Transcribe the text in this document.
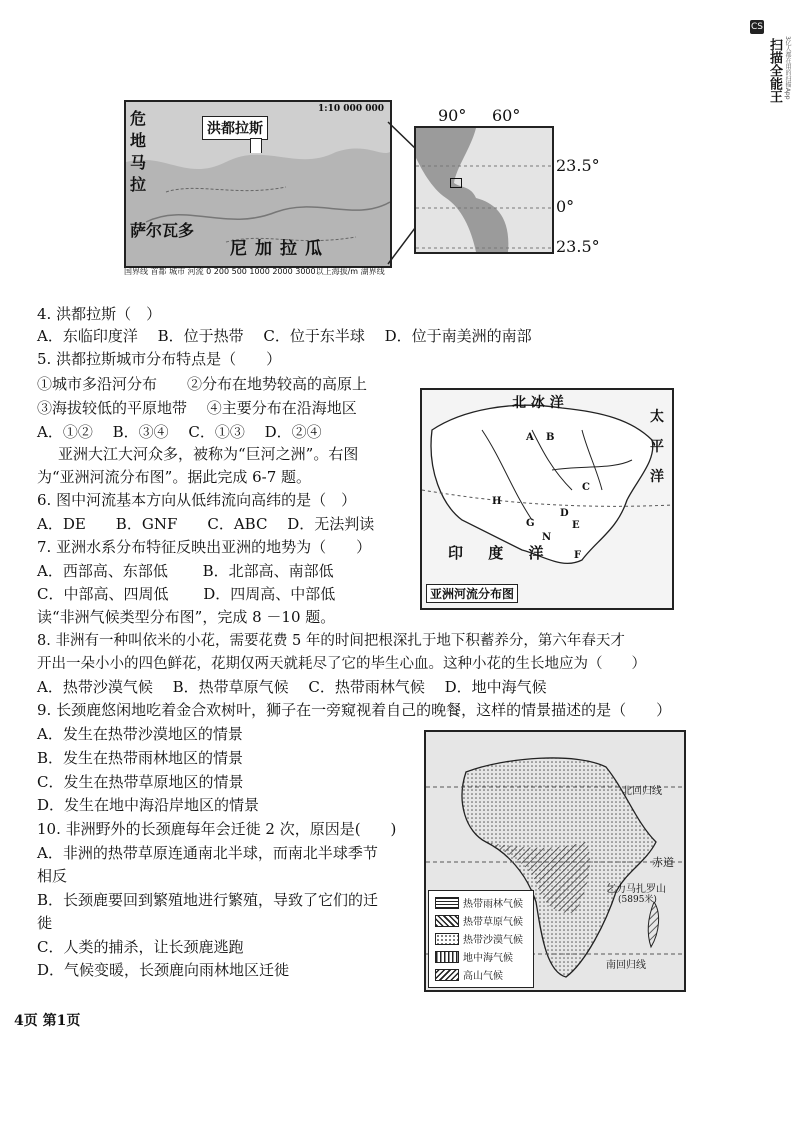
CS
扫描全能王 3亿人都在用的扫描App
1:10 000 000
洪都拉斯
危地马拉
萨尔瓦多
尼加拉瓜
国界线 首都 城市 河流 0 200 500 1000 2000 3000以上海拔/m 湖界线
90° 60°
23.5°
0°
23.5°
4. 洪都拉斯（　）
A．东临印度洋　 B．位于热带　 C．位于东半球　 D．位于南美洲的南部
5. 洪都拉斯城市分布特点是（　　）
①城市多沿河分布　　②分布在地势较高的高原上
③海拔较低的平原地带　 ④主要分布在沿海地区
A．①②　 B．③④　 C．①③　 D．②④
亚洲大江大河众多，被称为“巨河之洲”。右图
为“亚洲河流分布图”。据此完成 6-7 题。
6. 图中河流基本方向从低纬流向高纬的是（　）
A．DE　　B．GNF　　C．ABC　 D．无法判读
7. 亚洲水系分布特征反映出亚洲的地势为（　　）
A．西部高、东部低　　 B．北部高、南部低
C．中部高、四周低　　 D．四周高、中部低
北 冰 洋
太 平 洋
印 度 洋
亚洲河流分布图
A B
C
D
E
F
G
H
N
读“非洲气候类型分布图”，完成 8 －10 题。
8. 非洲有一种叫依米的小花，需要花费 5 年的时间把根深扎于地下积蓄养分，第六年春天才
开出一朵小小的四色鲜花，花期仅两天就耗尽了它的毕生心血。这种小花的生长地应为（　　）
A．热带沙漠气候　 B．热带草原气候　 C．热带雨林气候　 D．地中海气候
9. 长颈鹿悠闲地吃着金合欢树叶，狮子在一旁窥视着自己的晚餐，这样的情景描述的是（　　）
A．发生在热带沙漠地区的情景
B．发生在热带雨林地区的情景
C．发生在热带草原地区的情景
D．发生在地中海沿岸地区的情景
10. 非洲野外的长颈鹿每年会迁徙 2 次，原因是(　　)
A．非洲的热带草原连通南北半球，而南北半球季节
相反
B．长颈鹿要回到繁殖地进行繁殖，导致了它们的迁
徙
C．人类的捕杀，让长颈鹿逃跑
D．气候变暖，长颈鹿向雨林地区迁徙
北回归线
赤道
南回归线
乞力马扎罗山
(5895米)
热带雨林气候
热带草原气候
热带沙漠气候
地中海气候
高山气候
4页 第1页
